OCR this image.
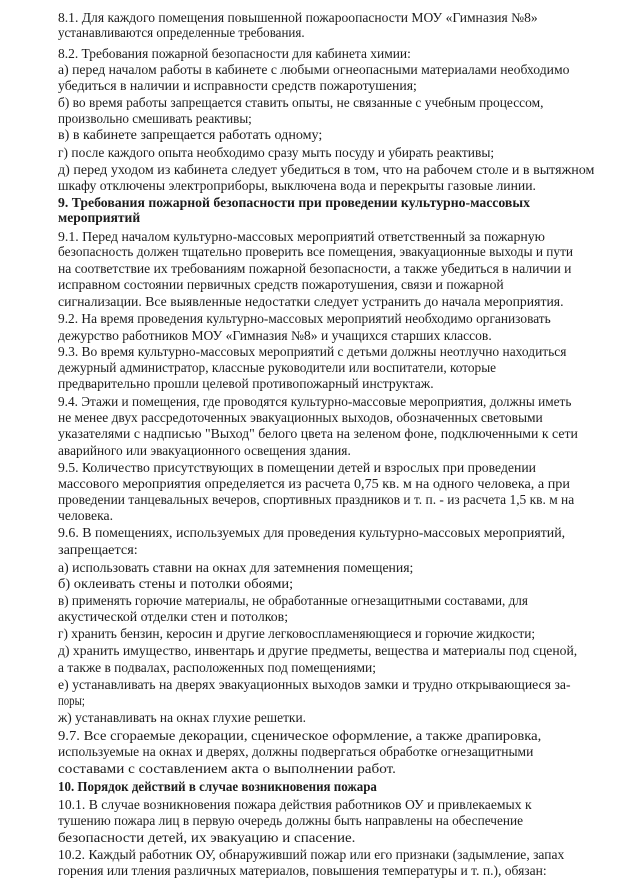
8.1. Для каждого помещения повышенной пожароопасности МОУ «Гимназия №8»
устанавливаются определенные требования.
8.2. Требования пожарной безопасности для кабинета химии:
а) перед началом работы в кабинете с любыми огнеопасными материалами необходимо
убедиться в наличии и исправности средств пожаротушения;
б) во время работы запрещается ставить опыты, не связанные с учебным процессом,
произвольно смешивать реактивы;
в) в кабинете запрещается работать одному;
г) после каждого опыта необходимо сразу мыть посуду и убирать реактивы;
д) перед уходом из кабинета следует убедиться в том, что на рабочем столе и в вытяжном
шкафу отключены электроприборы, выключена вода и перекрыты газовые линии.
9. Требования пожарной безопасности при проведении культурно-массовых
мероприятий
9.1. Перед началом культурно-массовых мероприятий ответственный за пожарную
безопасность должен тщательно проверить все помещения, эвакуационные выходы и пути
на соответствие их требованиям пожарной безопасности, а также убедиться в наличии и
исправном состоянии первичных средств пожаротушения, связи и пожарной
сигнализации. Все выявленные недостатки следует устранить до начала мероприятия.
9.2. На время проведения культурно-массовых мероприятий необходимо организовать
дежурство работников МОУ «Гимназия №8» и учащихся старших классов.
9.3. Во время культурно-массовых мероприятий с детьми должны неотлучно находиться
дежурный администратор, классные руководители или воспитатели, которые
предварительно прошли целевой противопожарный инструктаж.
9.4. Этажи и помещения, где проводятся культурно-массовые мероприятия, должны иметь
не менее двух рассредоточенных эвакуационных выходов, обозначенных световыми
указателями с надписью "Выход" белого цвета на зеленом фоне, подключенными к сети
аварийного или эвакуационного освещения здания.
9.5. Количество присутствующих в помещении детей и взрослых при проведении
массового мероприятия определяется из расчета 0,75 кв. м на одного человека, а при
проведении танцевальных вечеров, спортивных праздников и т. п. - из расчета 1,5 кв. м на
человека.
9.6. В помещениях, используемых для проведения культурно-массовых мероприятий,
запрещается:
а) использовать ставни на окнах для затемнения помещения;
б) оклеивать стены и потолки обоями;
в) применять горючие материалы, не обработанные огнезащитными составами, для
акустической отделки стен и потолков;
г) хранить бензин, керосин и другие легковоспламеняющиеся и горючие жидкости;
д) хранить имущество, инвентарь и другие предметы, вещества и материалы под сценой,
а также в подвалах, расположенных под помещениями;
е) устанавливать на дверях эвакуационных выходов замки и трудно открывающиеся за-
поры;
ж) устанавливать на окнах глухие решетки.
9.7. Все сгораемые декорации, сценическое оформление, а также драпировка,
используемые на окнах и дверях, должны подвергаться обработке огнезащитными
составами с составлением акта о выполнении работ.
10. Порядок действий в случае возникновения пожара
10.1. В случае возникновения пожара действия работников ОУ и привлекаемых к
тушению пожара лиц в первую очередь должны быть направлены на обеспечение
безопасности детей, их эвакуацию и спасение.
10.2. Каждый работник ОУ, обнаруживший пожар или его признаки (задымление, запах
горения или тления различных материалов, повышения температуры и т. п.), обязан:
